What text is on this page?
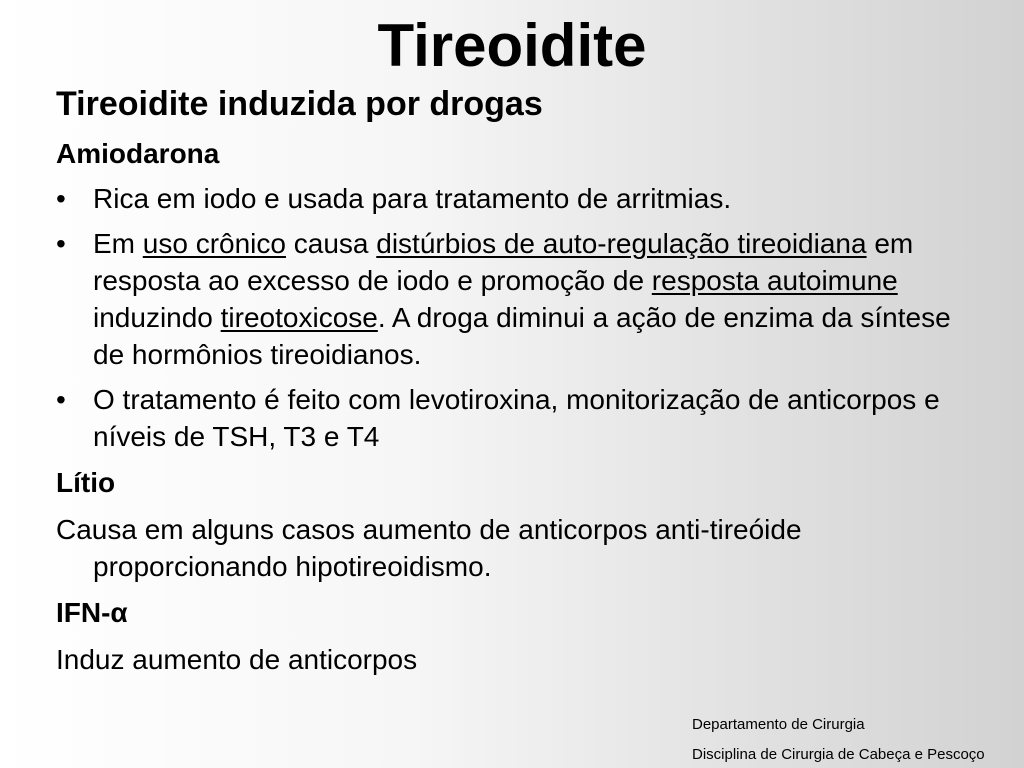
Tireoidite
Tireoidite induzida por drogas
Amiodarona
• Rica em iodo e usada para tratamento de arritmias.
• Em uso crônico causa distúrbios de auto-regulação tireoidiana em resposta ao excesso de iodo e promoção de resposta autoimune induzindo tireotoxicose. A droga diminui a ação de enzima da síntese de hormônios tireoidianos.
• O tratamento é feito com levotiroxina, monitorização de anticorpos e níveis de TSH, T3 e T4
Lítio
Causa em alguns casos aumento de anticorpos anti-tireóide proporcionando hipotireoidismo.
IFN-α
Induz aumento de anticorpos
Departamento de Cirurgia
Disciplina de Cirurgia de Cabeça e Pescoço
